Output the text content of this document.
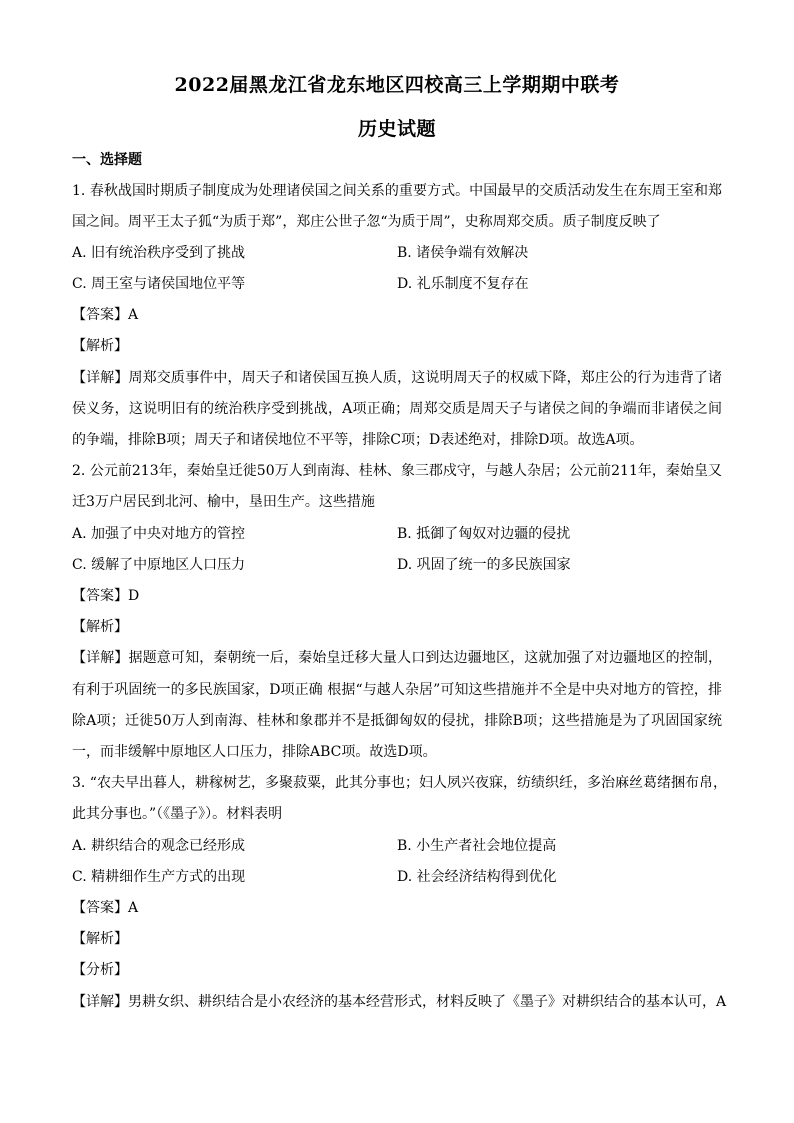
2022届黑龙江省龙东地区四校高三上学期期中联考
历史试题
一、选择题
1. 春秋战国时期质子制度成为处理诸侯国之间关系的重要方式。中国最早的交质活动发生在东周王室和郑
国之间。周平王太子狐“为质于郑”，郑庄公世子忽“为质于周”，史称周郑交质。质子制度反映了
A. 旧有统治秩序受到了挑战	B. 诸侯争端有效解决
C. 周王室与诸侯国地位平等	D. 礼乐制度不复存在
【答案】A
【解析】
【详解】周郑交质事件中，周天子和诸侯国互换人质，这说明周天子的权威下降，郑庄公的行为违背了诸
侯义务，这说明旧有的统治秩序受到挑战，A项正确；周郑交质是周天子与诸侯之间的争端而非诸侯之间
的争端，排除B项；周天子和诸侯地位不平等，排除C项；D表述绝对，排除D项。故选A项。
2. 公元前213年，秦始皇迁徙50万人到南海、桂林、象三郡戍守，与越人杂居；公元前211年，秦始皇又
迁3万户居民到北河、榆中，垦田生产。这些措施
A. 加强了中央对地方的管控	B. 抵御了匈奴对边疆的侵扰
C. 缓解了中原地区人口压力	D. 巩固了统一的多民族国家
【答案】D
【解析】
【详解】据题意可知，秦朝统一后，秦始皇迁移大量人口到达边疆地区，这就加强了对边疆地区的控制，
有利于巩固统一的多民族国家，D项正确 根据“与越人杂居”可知这些措施并不全是中央对地方的管控，排
除A项；迁徙50万人到南海、桂林和象郡并不是抵御匈奴的侵扰，排除B项；这些措施是为了巩固国家统
一，而非缓解中原地区人口压力，排除ABC项。故选D项。
3. “农夫早出暮人，耕稼树艺，多聚菽粟，此其分事也；妇人夙兴夜寐，纺绩织纴，多治麻丝葛绪捆布帛，
此其分事也。”（《墨子》）。材料表明
A. 耕织结合的观念已经形成	B. 小生产者社会地位提高
C. 精耕细作生产方式的出现	D. 社会经济结构得到优化
【答案】A
【解析】
【分析】
【详解】男耕女织、耕织结合是小农经济的基本经营形式，材料反映了《墨子》对耕织结合的基本认可，A
